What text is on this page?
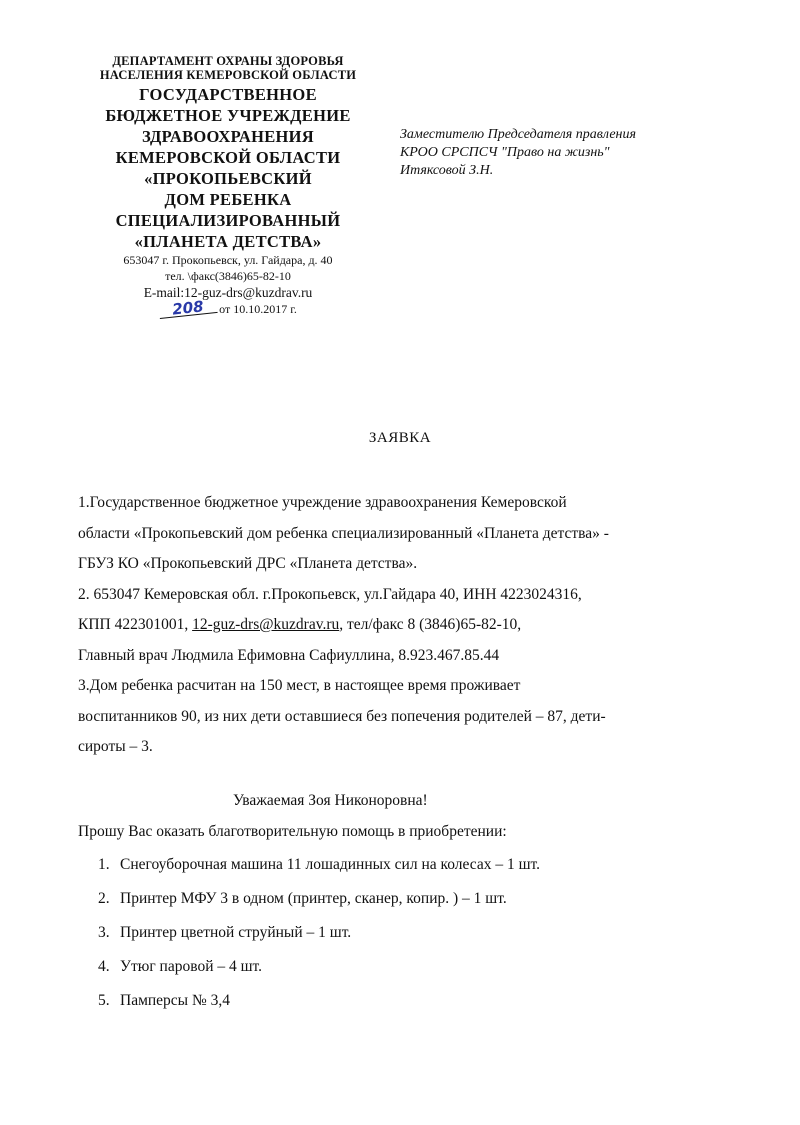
ДЕПАРТАМЕНТ ОХРАНЫ ЗДОРОВЬЯ
НАСЕЛЕНИЯ КЕМЕРОВСКОЙ ОБЛАСТИ
ГОСУДАРСТВЕННОЕ
БЮДЖЕТНОЕ УЧРЕЖДЕНИЕ
ЗДРАВООХРАНЕНИЯ
КЕМЕРОВСКОЙ ОБЛАСТИ
«ПРОКОПЬЕВСКИЙ
ДОМ РЕБЕНКА
СПЕЦИАЛИЗИРОВАННЫЙ
«ПЛАНЕТА ДЕТСТВА»
653047 г. Прокопьевск, ул. Гайдара, д. 40
тел. \факс(3846)65-82-10
E-mail:12-guz-drs@kuzdrav.ru
208 от 10.10.2017 г.
Заместителю Председателя правления
КРОО СРСПСЧ "Право на жизнь"
Итяксовой З.Н.
ЗАЯВКА

1.Государственное бюджетное учреждение здравоохранения Кемеровской

области «Прокопьевский дом ребенка специализированный «Планета детства» -

ГБУЗ КО «Прокопьевский ДРС «Планета детства».

2. 653047 Кемеровская обл. г.Прокопьевск, ул.Гайдара 40, ИНН 4223024316,

КПП 422301001, 12-guz-drs@kuzdrav.ru, тел/факс 8 (3846)65-82-10,

Главный врач Людмила Ефимовна Сафиуллина, 8.923.467.85.44

3.Дом ребенка расчитан на 150 мест, в настоящее время проживает

воспитанников 90, из них дети оставшиеся без попечения родителей – 87, дети-

сироты – 3.

Уважаемая Зоя Никоноровна!
Прошу Вас оказать благотворительную помощь в приобретении:
1. Снегоуборочная машина 11 лошадинных сил на колесах – 1 шт.
2. Принтер МФУ 3 в одном (принтер, сканер, копир. ) – 1 шт.
3. Принтер цветной струйный – 1 шт.
4. Утюг паровой – 4 шт.
5. Памперсы № 3,4
